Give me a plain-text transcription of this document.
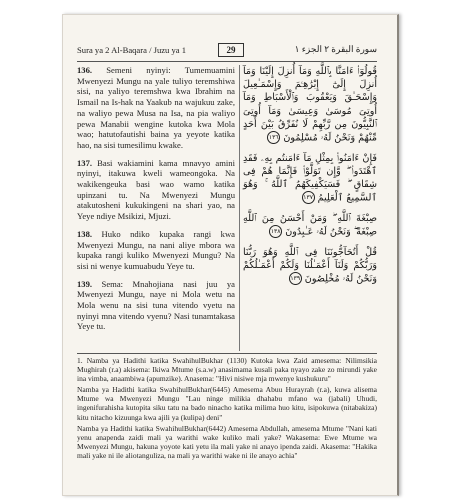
Sura ya 2 Al-Baqara / Juzu ya 1	29	سورة البقرة ٢ الجزء ١

136. Semeni nyinyi: Tumemuamini Mwenyezi Mungu na yale tuliyo teremshiwa sisi, na yaliyo teremshwa kwa Ibrahim na Ismail na Is-hak na Yaakub na wajukuu zake, na waliyo pewa Musa na Isa, na pia waliyo pewa Manabii wengine kutoka kwa Mola wao; hatutofautishi baina ya yeyote katika hao, na sisi tumesilimu kwake.

137. Basi wakiamini kama mnavyo amini nyinyi, itakuwa kweli wameongoka. Na wakikengeuka basi wao wamo katika upinzani tu. Na Mwenyezi Mungu atakutosheni kukukingeni na shari yao, na Yeye ndiye Msikizi, Mjuzi.

138. Huko ndiko kupaka rangi kwa Mwenyezi Mungu, na nani aliye mbora wa kupaka rangi kuliko Mwenyezi Mungu? Na sisi ni wenye kumuabudu Yeye tu.

139. Sema: Mnahojiana nasi juu ya Mwenyezi Mungu, naye ni Mola wetu na Mola wenu na sisi tuna vitendo vyetu na nyinyi mna vitendo vyenu? Nasi tunamtakasa Yeye tu.

قُولُوٓا۟ ءَامَنَّا بِٱللَّهِ وَمَآ أُنزِلَ إِلَيْنَا وَمَآ أُنزِلَ إِلَىٰٓ إِبْرَٰهِـۧمَ وَإِسْمَـٰعِيلَ وَإِسْحَـٰقَ وَيَعْقُوبَ وَٱلْأَسْبَاطِ وَمَآ أُوتِىَ مُوسَىٰ وَعِيسَىٰ وَمَآ أُوتِىَ ٱلنَّبِيُّونَ مِن رَّبِّهِمْ لَا نُفَرِّقُ بَيْنَ أَحَدٍ مِّنْهُمْ وَنَحْنُ لَهُۥ مُسْلِمُونَ ١٣٦

فَإِنْ ءَامَنُوا۟ بِمِثْلِ مَآ ءَامَنتُم بِهِۦ فَقَدِ ٱهْتَدَوا۟ ۖ وَّإِن تَوَلَّوْا۟ فَإِنَّمَا هُمْ فِى شِقَاقٍ ۖ فَسَيَكْفِيكَهُمُ ٱللَّهُ ۚ وَهُوَ ٱلسَّمِيعُ ٱلْعَلِيمُ ١٣٧

صِبْغَةَ ٱللَّهِ ۖ وَمَنْ أَحْسَنُ مِنَ ٱللَّهِ صِبْغَةً ۖ وَنَحْنُ لَهُۥ عَـٰبِدُونَ ١٣٨

قُلْ أَتُحَآجُّونَنَا فِى ٱللَّهِ وَهُوَ رَبُّنَا وَرَبُّكُمْ وَلَنَآ أَعْمَـٰلُنَا وَلَكُمْ أَعْمَـٰلُكُمْ وَنَحْنُ لَهُۥ مُخْلِصُونَ ١٣٩

1. Namba ya Hadithi katika SwahihulBukhar (1130) Kutoka kwa Zaid amesema: Nilimsikia Mughirah (r.a) akisema: Ikiwa Mtume (s.a.w) anasimama kusali paka nyayo zake zo mirundi yake ina vimba, anaambiwa (apumzike). Anasema: "Hivi nisiwe mja mwenye kushukuru"

Namba ya Hadithi katika SwahihulBukhar(6445) Amesema Abuu Hurayrah (r.a), kuwa alisema Mtume wa Mwenyezi Mungu "Lau ninge milikia dhahabu mfano wa (jabali) Uhudi, ingenifurahisha kutopita siku tatu na bado ninacho katika milima huo kitu, isipokuwa (nitabakiza) kitu nitacho kizuunga kwa ajili ya (kulipa) deni"

Namba ya Hadithi katika SwahihulBukhar(6442) Amesema Abdullah, amesema Mtume "Nani kati yenu anapenda zaidi mali ya warithi wake kuliko mali yake? Wakasema: Ewe Mtume wa Mwenyezi Mungu, hakuna yoyote kati yetu ila mali yake ni anayo ipenda zaidi. Akasema: "Hakika mali yake ni ile aliotanguliza, na mali ya warithi wake ni ile anayo achia"
